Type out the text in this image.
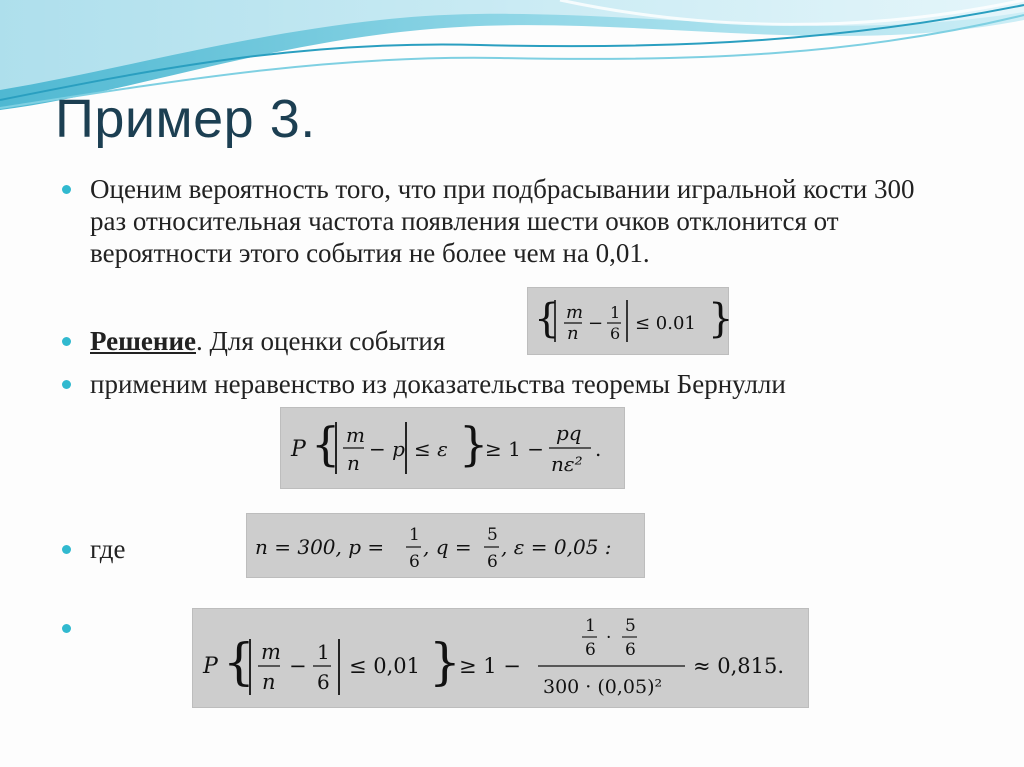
Пример 3.
Оценим вероятность того, что при подбрасывании игральной кости 300
раз относительная частота появления шести очков отклонится от
вероятности этого события не более чем на 0,01.
{ m
n −
1
6 ≤ 0.01 }
Решение. Для оценки события
применим неравенство из доказательства теоремы Бернулли
P { m
n
− p ≤ ε }
≥ 1 −
pq
nε²
.
где	n = 300, p = 1
6
, q = 5
6
, ε = 0,05 :
P { m
n
−
1
6
≤ 0,01 }
≥ 1 −
1
6
·
5
6
300 · (0,05)²
≈ 0,815.
